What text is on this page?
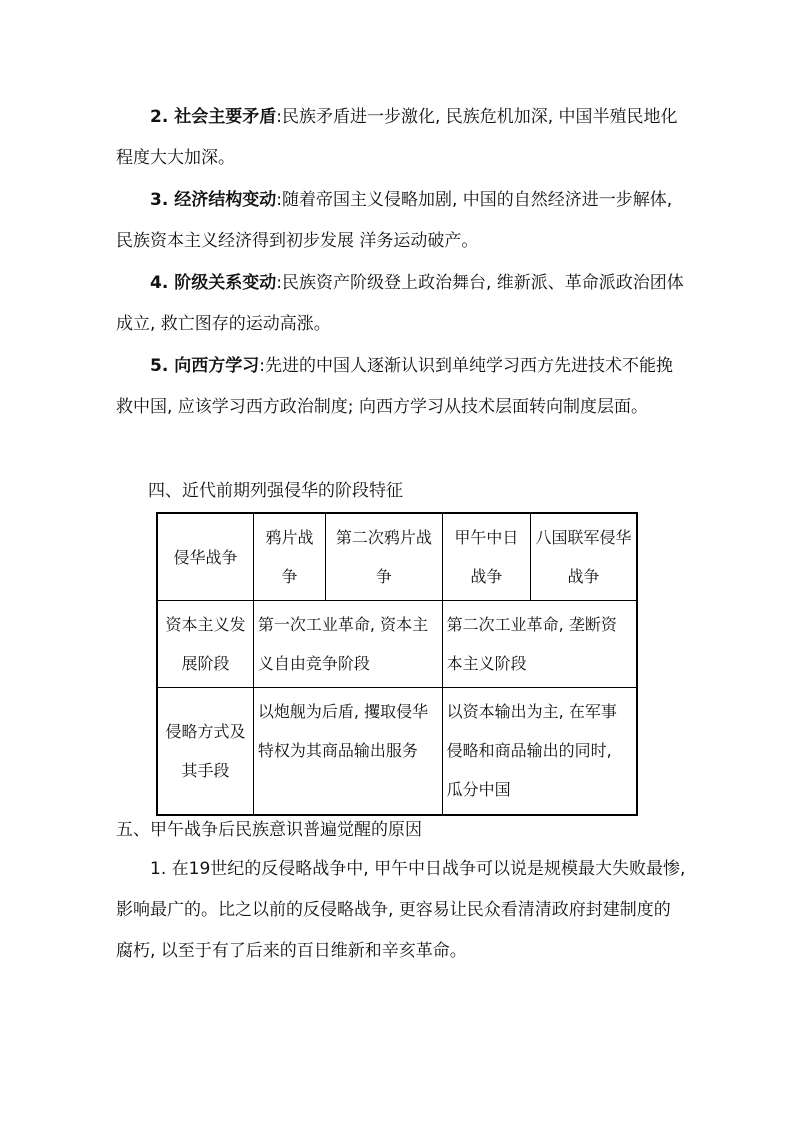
2. 社会主要矛盾:民族矛盾进一步激化, 民族危机加深, 中国半殖民地化程度大大加深。

3. 经济结构变动:随着帝国主义侵略加剧, 中国的自然经济进一步解体, 民族资本主义经济得到初步发展 洋务运动破产。

4. 阶级关系变动:民族资产阶级登上政治舞台, 维新派、革命派政治团体成立, 救亡图存的运动高涨。

5. 向西方学习:先进的中国人逐渐认识到单纯学习西方先进技术不能挽救中国, 应该学习西方政治制度; 向西方学习从技术层面转向制度层面。

四、近代前期列强侵华的阶段特征

侵华战争	鸦片战争	第二次鸦片战争	甲午中日战争	八国联军侵华战争
资本主义发展阶段	第一次工业革命, 资本主义自由竞争阶段		第二次工业革命, 垄断资本主义阶段	
侵略方式及其手段	以炮舰为后盾, 攫取侵华特权为其商品输出服务		以资本输出为主, 在军事侵略和商品输出的同时, 瓜分中国	

五、甲午战争后民族意识普遍觉醒的原因

1. 在19世纪的反侵略战争中, 甲午中日战争可以说是规模最大失败最惨, 影响最广的。比之以前的反侵略战争, 更容易让民众看清清政府封建制度的腐朽, 以至于有了后来的百日维新和辛亥革命。
